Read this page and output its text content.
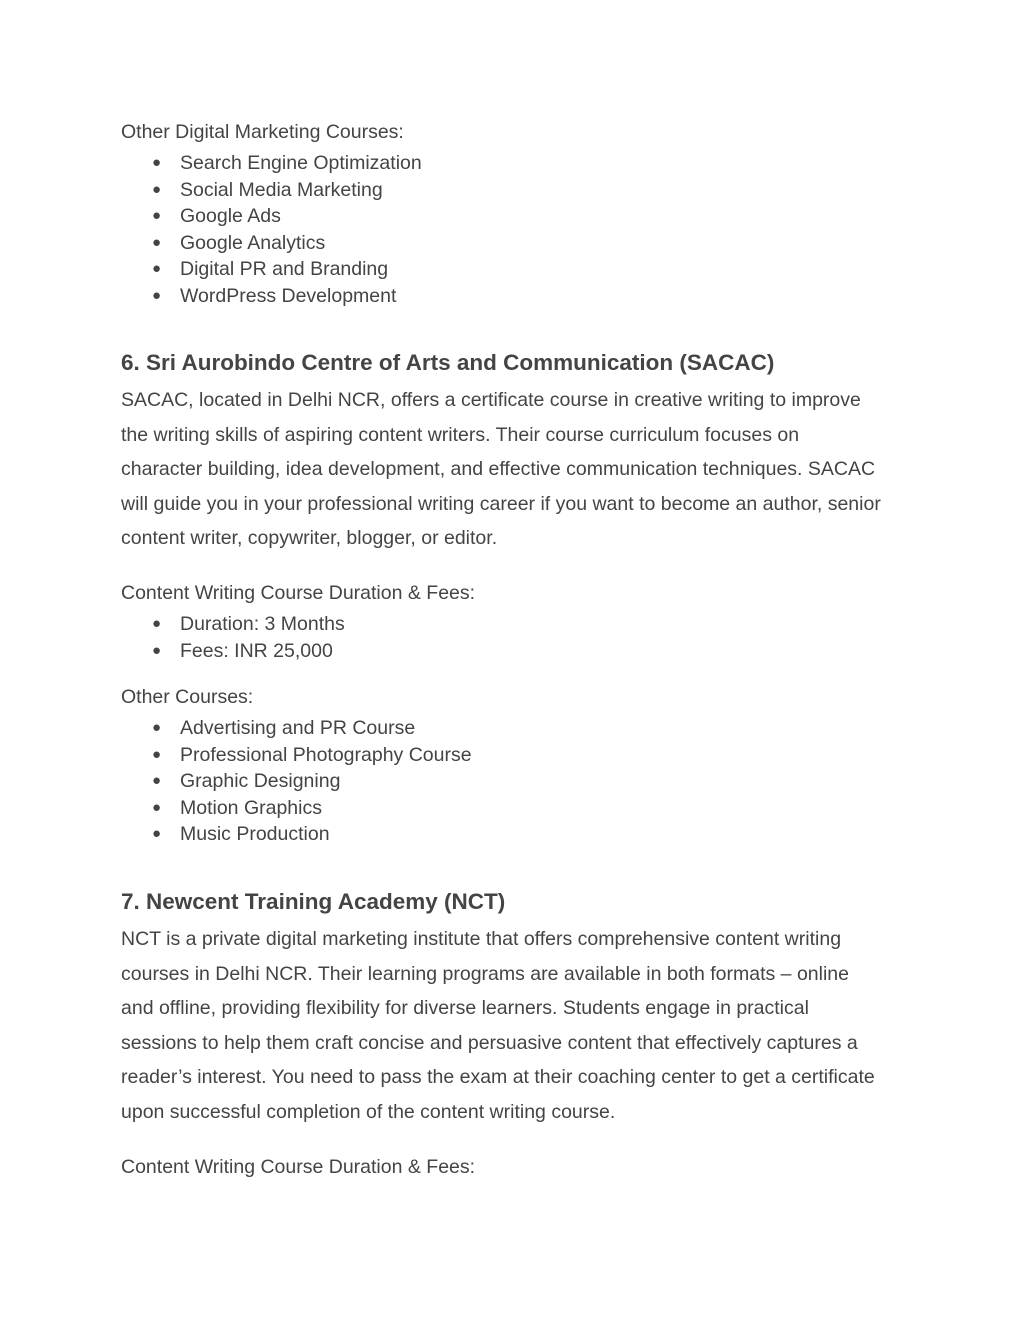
Other Digital Marketing Courses:
● Search Engine Optimization
● Social Media Marketing
● Google Ads
● Google Analytics
● Digital PR and Branding
● WordPress Development
6. Sri Aurobindo Centre of Arts and Communication (SACAC)

SACAC, located in Delhi NCR, offers a certificate course in creative writing to improve
the writing skills of aspiring content writers. Their course curriculum focuses on
character building, idea development, and effective communication techniques. SACAC
will guide you in your professional writing career if you want to become an author, senior
content writer, copywriter, blogger, or editor.

Content Writing Course Duration & Fees:
● Duration: 3 Months
● Fees: INR 25,000
Other Courses:
● Advertising and PR Course
● Professional Photography Course
● Graphic Designing
● Motion Graphics
● Music Production
7. Newcent Training Academy (NCT)

NCT is a private digital marketing institute that offers comprehensive content writing
courses in Delhi NCR. Their learning programs are available in both formats – online
and offline, providing flexibility for diverse learners. Students engage in practical
sessions to help them craft concise and persuasive content that effectively captures a
reader’s interest. You need to pass the exam at their coaching center to get a certificate
upon successful completion of the content writing course.

Content Writing Course Duration & Fees:
